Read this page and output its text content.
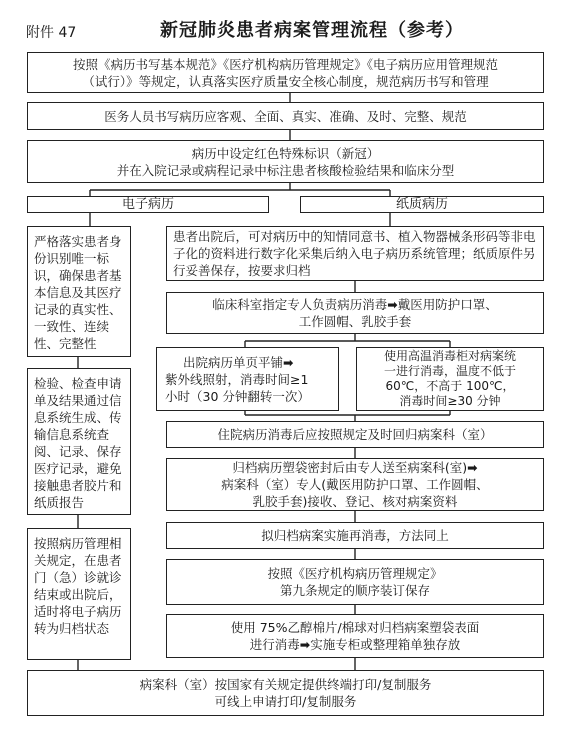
附件 47	新冠肺炎患者病案管理流程（参考）
按照《病历书写基本规范》《医疗机构病历管理规定》《电子病历应用管理规范
（试行）》等规定，认真落实医疗质量安全核心制度，规范病历书写和管理
医务人员书写病历应客观、全面、真实、准确、及时、完整、规范
病历中设定红色特殊标识（新冠）
并在入院记录或病程记录中标注患者核酸检验结果和临床分型
电子病历	纸质病历
严格落实患者身份识别唯一标识，确保患者基本信息及其医疗记录的真实性、一致性、连续性、完整性
检验、检查申请单及结果通过信息系统生成、传输信息系统查阅、记录、保存医疗记录，避免接触患者胶片和纸质报告
按照病历管理相关规定，在患者门（急）诊就诊结束或出院后，适时将电子病历转为归档状态
患者出院后，可对病历中的知情同意书、植入物器械条形码等非电子化的资料进行数字化采集后纳入电子病历系统管理；纸质原件另行妥善保存，按要求归档
临床科室指定专人负责病历消毒➡戴医用防护口罩、
工作圆帽、乳胶手套
出院病历单页平铺➡
紫外线照射，消毒时间≥1
小时（30 分钟翻转一次）
使用高温消毒柜对病案统
一进行消毒，温度不低于
60℃，不高于 100℃，
消毒时间≥30 分钟
住院病历消毒后应按照规定及时回归病案科（室）
归档病历塑袋密封后由专人送至病案科(室)➡
病案科（室）专人(戴医用防护口罩、工作圆帽、
乳胶手套)接收、登记、核对病案资料
拟归档病案实施再消毒，方法同上
按照《医疗机构病历管理规定》
第九条规定的顺序装订保存
使用 75%乙醇棉片/棉球对归档病案塑袋表面
进行消毒➡实施专柜或整理箱单独存放
病案科（室）按国家有关规定提供终端打印/复制服务
可线上申请打印/复制服务
